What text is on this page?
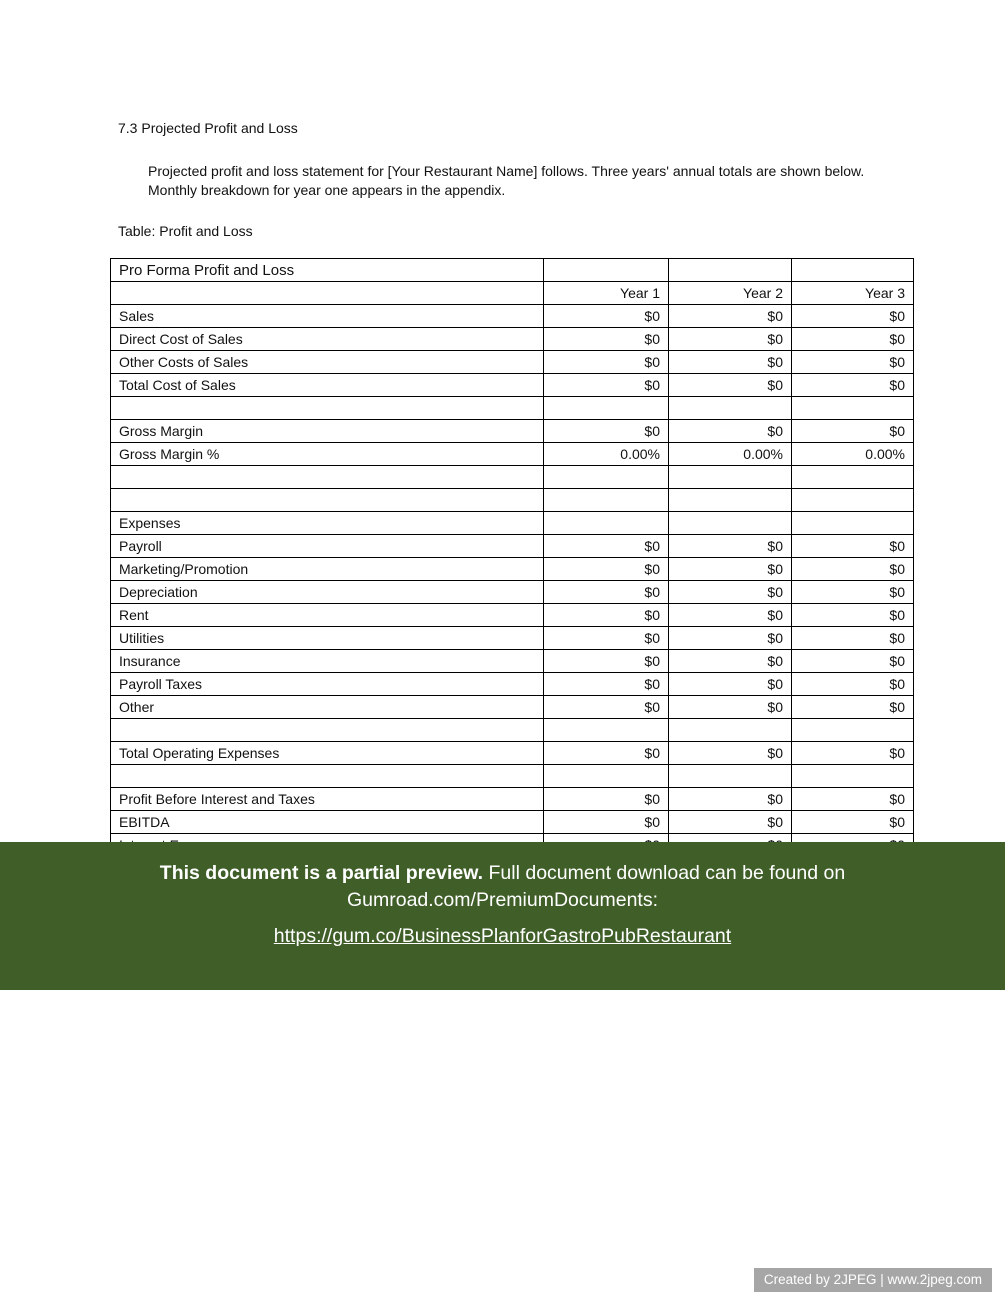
7.3 Projected Profit and Loss
Projected profit and loss statement for [Your Restaurant Name] follows. Three years' annual totals are shown below. Monthly breakdown for year one appears in the appendix.
Table: Profit and Loss
Pro Forma Profit and Loss			
	Year 1	Year 2	Year 3
Sales	$0	$0	$0
Direct Cost of Sales	$0	$0	$0
Other Costs of Sales	$0	$0	$0
Total Cost of Sales	$0	$0	$0

Gross Margin	$0	$0	$0
Gross Margin %	0.00%	0.00%	0.00%

Expenses			
Payroll	$0	$0	$0
Marketing/Promotion	$0	$0	$0
Depreciation	$0	$0	$0
Rent	$0	$0	$0
Utilities	$0	$0	$0
Insurance	$0	$0	$0
Payroll Taxes	$0	$0	$0
Other	$0	$0	$0

Total Operating Expenses	$0	$0	$0

Profit Before Interest and Taxes	$0	$0	$0
EBITDA	$0	$0	$0

This document is a partial preview. Full document download can be found on Gumroad.com/PremiumDocuments:
https://gum.co/BusinessPlanforGastroPubRestaurant
Created by 2JPEG | www.2jpeg.com
